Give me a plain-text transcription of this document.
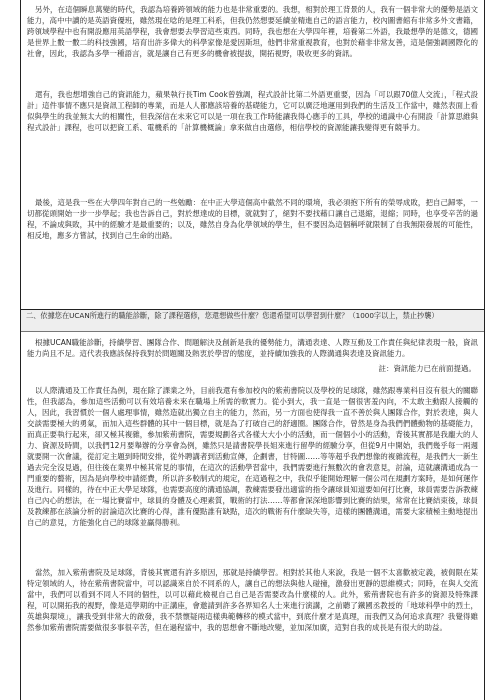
另外，在這個瞬息萬變的時代，我認為培養跨領域的能力也是非常重要的。我想，相對於理工背景的人，我有一個非常大的優勢是語文能力，高中中讀的是英語資優班，雖然現在唸的是理工科系，但我仍然想要延續並精進自己的語言能力，校內圖書館有非常多外文書籍，跨領域學程中也有開設應用英語學程，我會想要去學習這些東西。同時，我也想在大學四年裡，培養第二外語，我最想學的是德文，德國是世界上數一數二的科技強國，培育出許多偉大的科學家像是愛因斯坦，他們非常重視教育，也對於藉非非常友善，這是個強調國際化的社會，因此，我認為多學一種語言，就是讓自己有更多的機會被提拔，開拓視野，吸收更多的資訊。

還有，我也想增強自己的資訊能力，蘋果執行長Tim Cook曾強調，程式設計比第二外語更重要，因為「可以跟70億人交流」，「程式設計」這件事情不應只是資訊工程師的專業，而是人人都應該培養的基礎能力，它可以廣泛地運用到我們的生活及工作當中，雖然表面上看似與學生的我並無太大的相關性，但我深信在未來它可以是一項在我工作時能讓我得心應手的工具，學校的通識中心有開設「計算思維與程式設計」課程，也可以把資工系、電機系的「計算機概論」拿來做自由選修，相信學校的資源能讓我變得更有競爭力。

最後，這是我一些在大學四年對自己的一些勉勵：在中正大學這個高中截然不同的環境，我必須抱下所有的榮辱成敗，把自己歸零，一切都從頭開始一步一步學起；我也告訴自己，對於想達成的目標，就就對了，絕對不要找藉口讓自己退縮，退縮；同時，也享受辛苦的過程，不論成與敗，其中的經驗才是最重要的；以及，雖然自身為化學領域的學生，但不要因為這個稱呼就限制了自我無限發展的可能性，相反地，應多方嘗試，找到自己生命的出路。

二、依據您在UCAN所進行的職能診斷，除了課程選修，您還想做些什麼？您還希望可以學習到什麼？（1000字以上，禁止抄襲）

根據UCAN職能診斷，持續學習、團隊合作、問題解決及創新是我的優勢能力，溝通表達、人際互動及工作責任與紀律表現一般，資訊能力尚且不足。這代表我應該保持我對於問題關及熱衷於學習的態度，並持續加強我的人際溝通與表達及資訊能力。

註：資訊能力已在前面提過。

以人際溝通及工作責任為例，現在除了課業之外，目前我還有參加校內的紫荊書院以及學校的足球隊，雖然跟專業科目沒有很大的關聯性，但我認為，參加這些活動可以有效培養未來在職場上所需的軟實力。從小到大，我一直是一個很害羞內向，不太敢主動跟人接觸的人，因此，我習慣於一個人處理事情，雖然造就出獨立自主的能力，然而，另一方面也使得我一直不善於與人團隊合作，對於表達，與人交談需要極大的勇氣，而加入這些群體的其中一個目標，就是為了打破自己的舒適圈。團隊合作，曾然是身為我們們體動物的基礎能力，而真正要執行起來，卻又極其複雜，參加紫荊書院，需要規劃各式各樣大大小小的活動，而一個個小小的活動，背後其實都是我龐大的人力、資源及時間，以我們12月要舉辦的分享會為例，雖然只是請書院學長姐來進行留學的經驗分享，但從9月中開始，我們幾乎每一兩週就要開一次會議，從訂定主題到時間安排，從外聘講者到活動宣傳，企劃書，甘特圖……等等超乎我們想像的複雜流程，是我們大一新生過去完全沒見過，但往後在業界中極其常見的事情，在這次的活動學習當中，我們需要進行無數次的會表意見，討論，這就讓溝通成為一門重要的藝術，因為是向學校申請經費，所以許多較制式的規定，在這過程之中，我似乎能開始理解一個公司在規劃方案時，是如何運作及進行。同樣的，待在中正大學足球隊，也需要高度的溝通協調，教練需要發出適當的指令讓球員知道要如何打比賽，球員需要告訴教練自己內心的想法，在一場比賽當中，球員的身體及心理素質，戰術的打法……等都會深深地影響到比賽的結果，常常在比賽結束後，球員及教練都在該論分析的討論這次比賽的心得，誰有優點誰有缺點，這次的戰術有什麼缺失等，這樣的團體溝通，需要大家積極主動地提出自己的意見，方能強化自己的球隊並贏得勝利。

當然，加入紫荊書院及足球隊，背後其實還有許多原因，那就是持續學習。相對於其他人來說，我是一個不太喜歡被定義，被侷限在某特定領域的人，待在紫荊書院當中，可以認識來自於不同系的人，讓自己的想法與他人碰撞，激發出更靜的思維模式；同時，在與人交流當中，我們可以看到不同人不同的個性，以可以藉此檢視自己自己是否需要改為什麼樣的人。此外，紫荊書院也有許多的資源及特殊課程，可以開拓我的視野，像是這學期的中正講座，會邀請到許多各界知名人士來進行演講，之前聽了鐵國丞教授的「地球科學中的烈土，英雄與環境」，讓我受到非常大的啟發，我不禁懷疑兩這樣典範轉移的模式當中，到底什麼才是真理，而我們又為何追求真理？我覺得雖然參加紫荊書院需要做很多事很辛苦，但在過程當中，我的思想會不斷地改變，並加深加廣，這對自我的成長是有很大的助益。
